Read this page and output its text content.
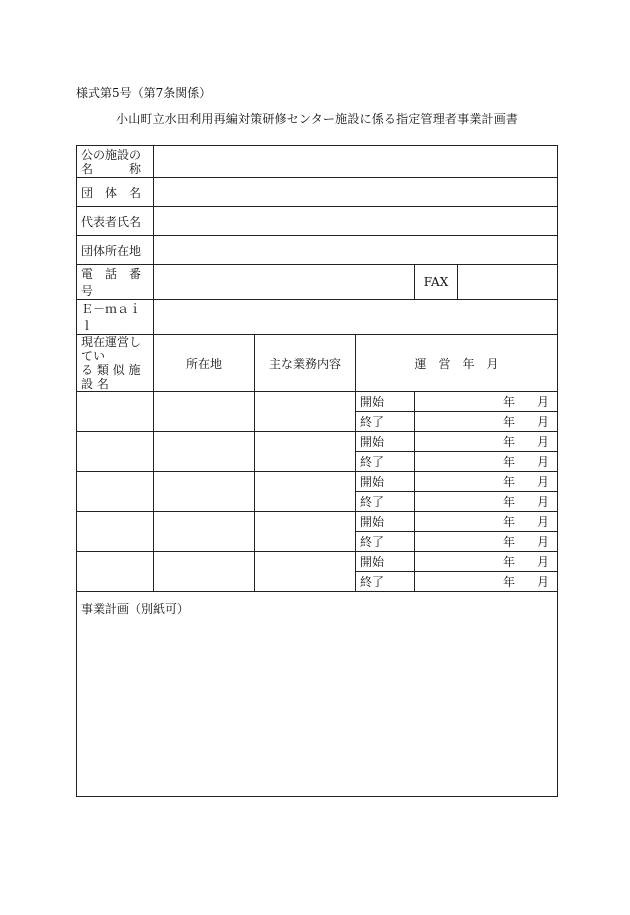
様式第5号（第7条関係）
小山町立水田利用再編対策研修センター施設に係る指定管理者事業計画書
公の施設の
名　　　称					

団　体　名					
代表者氏名					
団体所在地					
電　話　番　号				FAX	
Ｅ－ｍａｉｌ					

現在運営してい
る 類 似 施 設 名	所在地	主な業務内容	運　営　年　月		
			開始	年 月	

			終了	年 月	

			開始	年 月	

			終了	年 月	

			開始	年 月	

			終了	年 月	

			開始	年 月	

			終了	年 月	

			開始	年 月	

			終了	年 月	

事業計画（別紙可）					
